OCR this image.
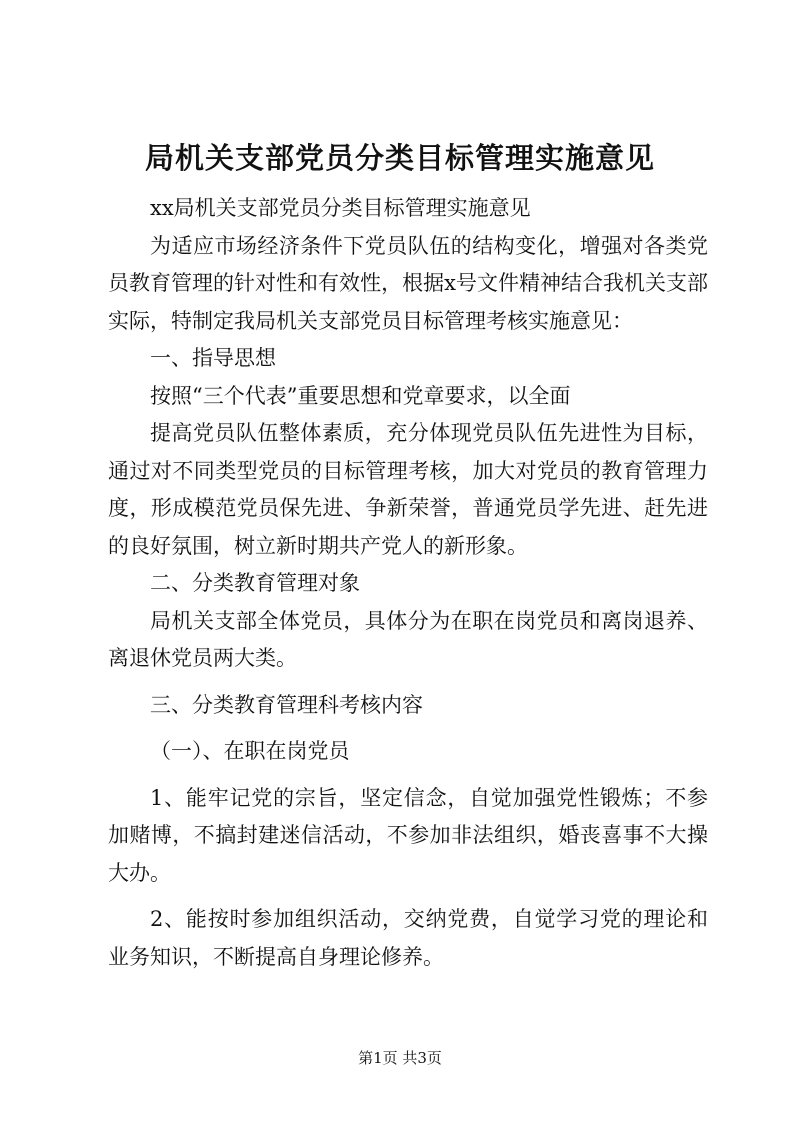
局机关支部党员分类目标管理实施意见

xx局机关支部党员分类目标管理实施意见

为适应市场经济条件下党员队伍的结构变化，增强对各类党员教育管理的针对性和有效性，根据x号文件精神结合我机关支部实际，特制定我局机关支部党员目标管理考核实施意见：

一、指导思想

按照“三个代表”重要思想和党章要求，以全面

提高党员队伍整体素质，充分体现党员队伍先进性为目标，通过对不同类型党员的目标管理考核，加大对党员的教育管理力度，形成模范党员保先进、争新荣誉，普通党员学先进、赶先进的良好氛围，树立新时期共产党人的新形象。

二、分类教育管理对象

局机关支部全体党员，具体分为在职在岗党员和离岗退养、离退休党员两大类。

三、分类教育管理科考核内容

（一）、在职在岗党员

1、能牢记党的宗旨，坚定信念，自觉加强党性锻炼；不参加赌博，不搞封建迷信活动，不参加非法组织，婚丧喜事不大操大办。

2、能按时参加组织活动，交纳党费，自觉学习党的理论和业务知识，不断提高自身理论修养。

第1页 共3页
